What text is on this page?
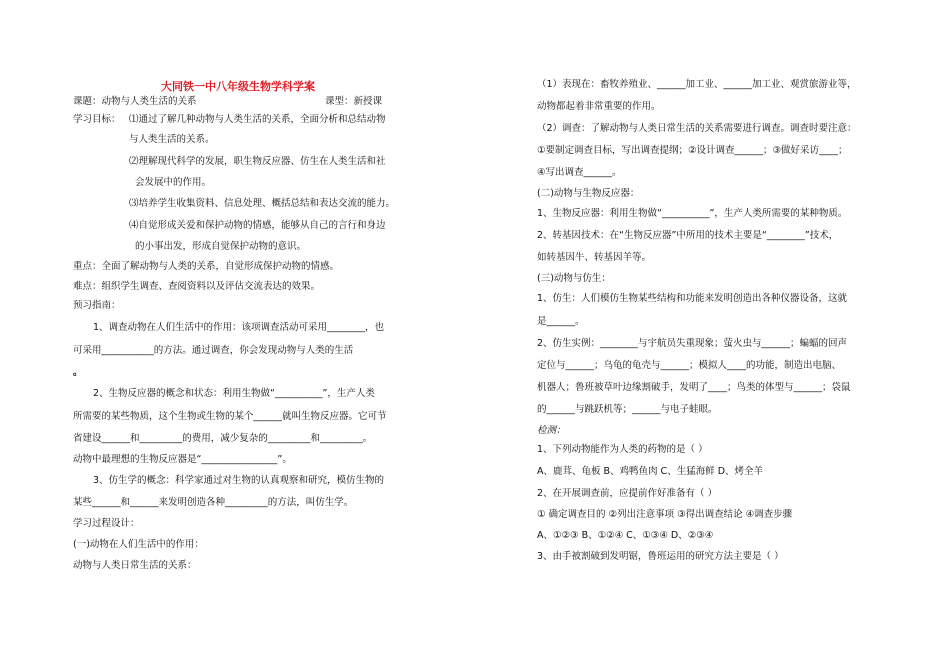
大同铁一中八年级生物学科学案
课题：动物与人类生活的关系	课型：新授课
学习目标： ⑴通过了解几种动物与人类生活的关系，全面分析和总结动物
与人类生活的关系。
⑵理解现代科学的发展，职生物反应器、仿生在人类生活和社
会发展中的作用。
⑶培养学生收集资料、信息处理、概括总结和表达交流的能力。
⑷自觉形成关爱和保护动物的情感，能够从自己的言行和身边
的小事出发，形成自觉保护动物的意识。
重点：全面了解动物与人类的关系，自觉形成保护动物的情感。
难点：组织学生调查、查阅资料以及评估交流表达的效果。
预习指南：
1、调查动物在人们生活中的作用：该项调查活动可采用________，也
可采用___________的方法。通过调查，你会发现动物与人类的生活
。
2、生物反应器的概念和状态：利用生物做“__________”，生产人类
所需要的某些物质，这个生物或生物的某个______就叫生物反应器。它可节
省建设______和_________的费用，减少复杂的_________和_________。
动物中最理想的生物反应器是“________________”。
3、仿生学的概念：科学家通过对生物的认真观察和研究，模仿生物的
某些______和______来发明创造各种_________的方法，叫仿生学。
学习过程设计：
(一)动物在人们生活中的作用：
动物与人类日常生活的关系：
（1）表现在：畜牧养殖业、______加工业、______加工业、观赏旅游业等，
动物都起着非常重要的作用。
（2）调查：了解动物与人类日常生活的关系需要进行调查。调查时要注意：
①要制定调查目标，写出调查提纲；②设计调查______；③做好采访____；
④写出调查______。
(二)动物与生物反应器：
1、生物反应器：利用生物做“__________”，生产人类所需要的某种物质。
2、转基因技术：在“生物反应器”中所用的技术主要是“________”技术，
如转基因牛、转基因羊等。
(三)动物与仿生：
1、仿生：人们模仿生物某些结构和功能来发明创造出各种仪器设备，这就
是______。
2、仿生实例：________与宇航员失重现象；萤火虫与______；蝙蝠的回声
定位与______；乌龟的龟壳与______；模拟人____的功能，制造出电脑、
机器人；鲁班被草叶边缘割破手，发明了____；鸟类的体型与______；袋鼠
的______与跳跃机等；______与电子蛙眼。
检测：
1、下列动物能作为人类的药物的是（ ）
A、鹿茸、龟板 B、鸡鸭鱼肉 C、生猛海鲜 D、烤全羊
2、在开展调查前，应提前作好准备有（ ）
① 确定调查目的 ②列出注意事项 ③得出调查结论 ④调查步骤
A、①②③ B、①②④ C、①③④ D、②③④
3、由手被割破到发明锯，鲁班运用的研究方法主要是（ ）
